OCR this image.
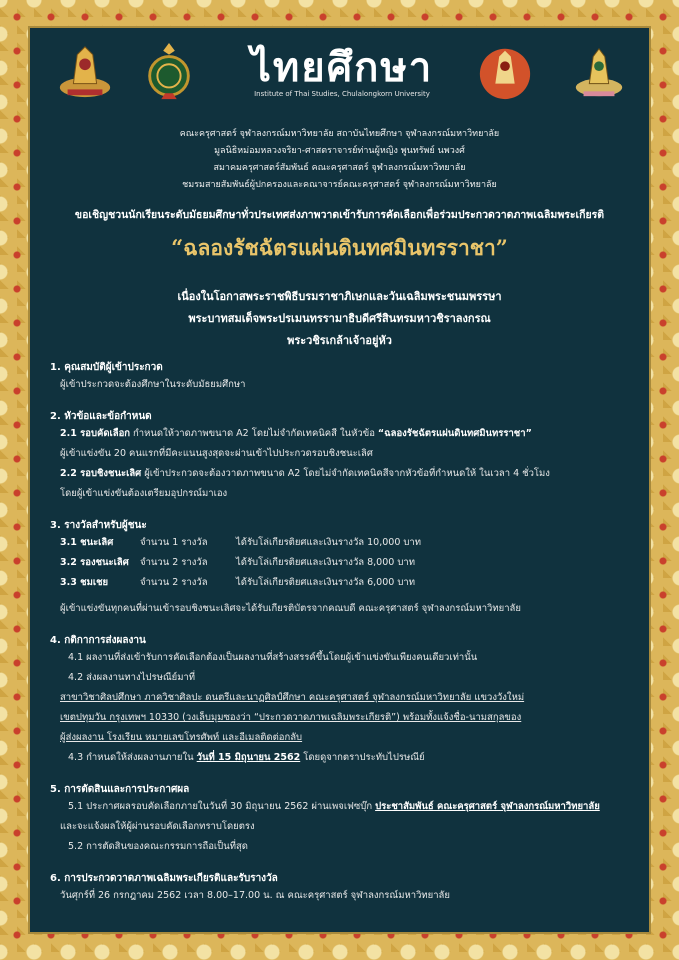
ไทยศึกษา
Institute of Thai Studies, Chulalongkorn University
คณะครุศาสตร์ จุฬาลงกรณ์มหาวิทยาลัย สถาบันไทยศึกษา จุฬาลงกรณ์มหาวิทยาลัย
มูลนิธิหม่อมหลวงจริยา-ศาสตราจารย์ท่านผู้หญิง พูนทรัพย์ นพวงศ์
สมาคมครุศาสตร์สัมพันธ์ คณะครุศาสตร์ จุฬาลงกรณ์มหาวิทยาลัย
ชมรมสายสัมพันธ์ผู้ปกครองและคณาจารย์คณะครุศาสตร์ จุฬาลงกรณ์มหาวิทยาลัย
ขอเชิญชวนนักเรียนระดับมัธยมศึกษาทั่วประเทศส่งภาพวาดเข้ารับการคัดเลือกเพื่อร่วมประกวดวาดภาพเฉลิมพระเกียรติ
“ฉลองรัชฉัตรแผ่นดินทศมินทรราชา”
เนื่องในโอกาสพระราชพิธีบรมราชาภิเษกและวันเฉลิมพระชนมพรรษา
พระบาทสมเด็จพระปรเมนทรรามาธิบดีศรีสินทรมหาวชิราลงกรณ
พระวชิรเกล้าเจ้าอยู่หัว
1. คุณสมบัติผู้เข้าประกวด
ผู้เข้าประกวดจะต้องศึกษาในระดับมัธยมศึกษา
2. หัวข้อและข้อกำหนด
2.1 รอบคัดเลือก กำหนดให้วาดภาพขนาด A2 โดยไม่จำกัดเทคนิคสี ในหัวข้อ “ฉลองรัชฉัตรแผ่นดินทศมินทรราชา”
ผู้เข้าแข่งขัน 20 คนแรกที่มีคะแนนสูงสุดจะผ่านเข้าไปประกวดรอบชิงชนะเลิศ
2.2 รอบชิงชนะเลิศ ผู้เข้าประกวดจะต้องวาดภาพขนาด A2 โดยไม่จำกัดเทคนิคสีจากหัวข้อที่กำหนดให้ ในเวลา 4 ชั่วโมง
โดยผู้เข้าแข่งขันต้องเตรียมอุปกรณ์มาเอง
3. รางวัลสำหรับผู้ชนะ
3.1 ชนะเลิศ	จำนวน 1 รางวัล	ได้รับโล่เกียรติยศและเงินรางวัล 10,000 บาท
3.2 รองชนะเลิศ จำนวน 2 รางวัล	ได้รับโล่เกียรติยศและเงินรางวัล 8,000 บาท
3.3 ชมเชย	จำนวน 2 รางวัล	ได้รับโล่เกียรติยศและเงินรางวัล 6,000 บาท
ผู้เข้าแข่งขันทุกคนที่ผ่านเข้ารอบชิงชนะเลิศจะได้รับเกียรติบัตรจากคณบดี คณะครุศาสตร์ จุฬาลงกรณ์มหาวิทยาลัย
4. กติกาการส่งผลงาน
4.1 ผลงานที่ส่งเข้ารับการคัดเลือกต้องเป็นผลงานที่สร้างสรรค์ขึ้นโดยผู้เข้าแข่งขันเพียงคนเดียวเท่านั้น
4.2 ส่งผลงานทางไปรษณีย์มาที่
สาขาวิชาศิลปศึกษา ภาควิชาศิลปะ ดนตรีและนาฏศิลป์ศึกษา คณะครุศาสตร์ จุฬาลงกรณ์มหาวิทยาลัย แขวงวังใหม่
เขตปทุมวัน กรุงเทพฯ 10330 (วงเล็บมุมซองว่า “ประกวดวาดภาพเฉลิมพระเกียรติ”) พร้อมทั้งแจ้งชื่อ-นามสกุลของ
ผู้ส่งผลงาน โรงเรียน หมายเลขโทรศัพท์ และอีเมลติดต่อกลับ
4.3 กำหนดให้ส่งผลงานภายใน วันที่ 15 มิถุนายน 2562 โดยดูจากตราประทับไปรษณีย์
5. การตัดสินและการประกาศผล
5.1 ประกาศผลรอบคัดเลือกภายในวันที่ 30 มิถุนายน 2562 ผ่านเพจเฟซบุ๊ก ประชาสัมพันธ์ คณะครุศาสตร์ จุฬาลงกรณ์มหาวิทยาลัย
และจะแจ้งผลให้ผู้ผ่านรอบคัดเลือกทราบโดยตรง
5.2 การตัดสินของคณะกรรมการถือเป็นที่สุด
6. การประกวดวาดภาพเฉลิมพระเกียรติและรับรางวัล
วันศุกร์ที่ 26 กรกฎาคม 2562 เวลา 8.00–17.00 น. ณ คณะครุศาสตร์ จุฬาลงกรณ์มหาวิทยาลัย
